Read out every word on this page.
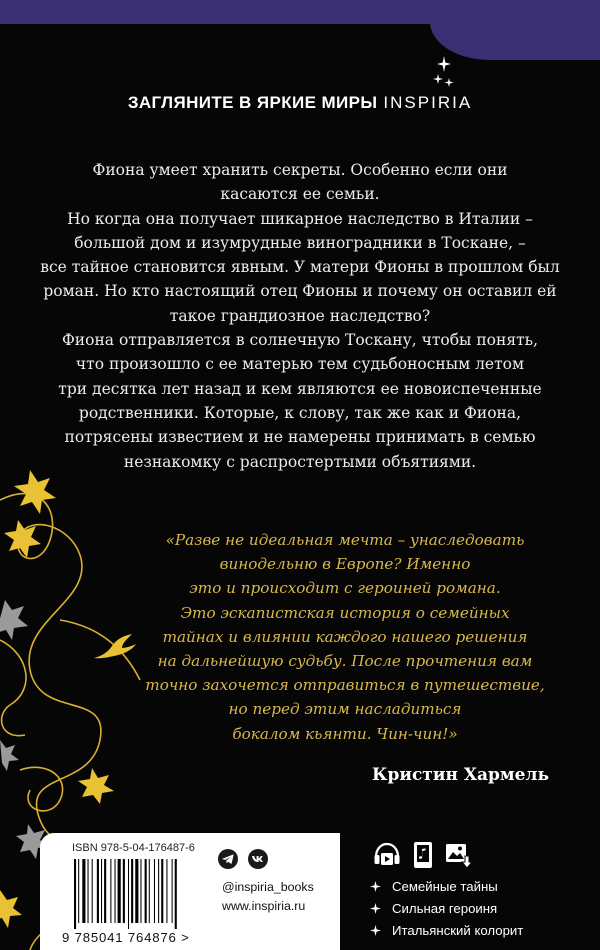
ЗАГЛЯНИТЕ В ЯРКИЕ МИРЫ INSPIRIA

Фиона умеет хранить секреты. Особенно если они

касаются ее семьи.

Но когда она получает шикарное наследство в Италии –

большой дом и изумрудные виноградники в Тоскане, –

все тайное становится явным. У матери Фионы в прошлом был

роман. Но кто настоящий отец Фионы и почему он оставил ей

такое грандиозное наследство?

Фиона отправляется в солнечную Тоскану, чтобы понять,

что произошло с ее матерью тем судьбоносным летом

три десятка лет назад и кем являются ее новоиспеченные

родственники. Которые, к слову, так же как и Фиона,

потрясены известием и не намерены принимать в семью

незнакомку с распростертыми объятиями.

«Разве не идеальная мечта – унаследовать

винодельню в Европе? Именно

это и происходит с героиней романа.

Это эскапистская история о семейных

тайнах и влиянии каждого нашего решения

на дальнейшую судьбу. После прочтения вам

точно захочется отправиться в путешествие,

но перед этим насладиться

бокалом кьянти. Чин-чин!»

Кристин Хармель
ISBN 978-5-04-176487-6
9 785041 764876 >
@inspiria_books
www.inspiria.ru
Семейные тайны
Сильная героиня
Итальянский колорит
